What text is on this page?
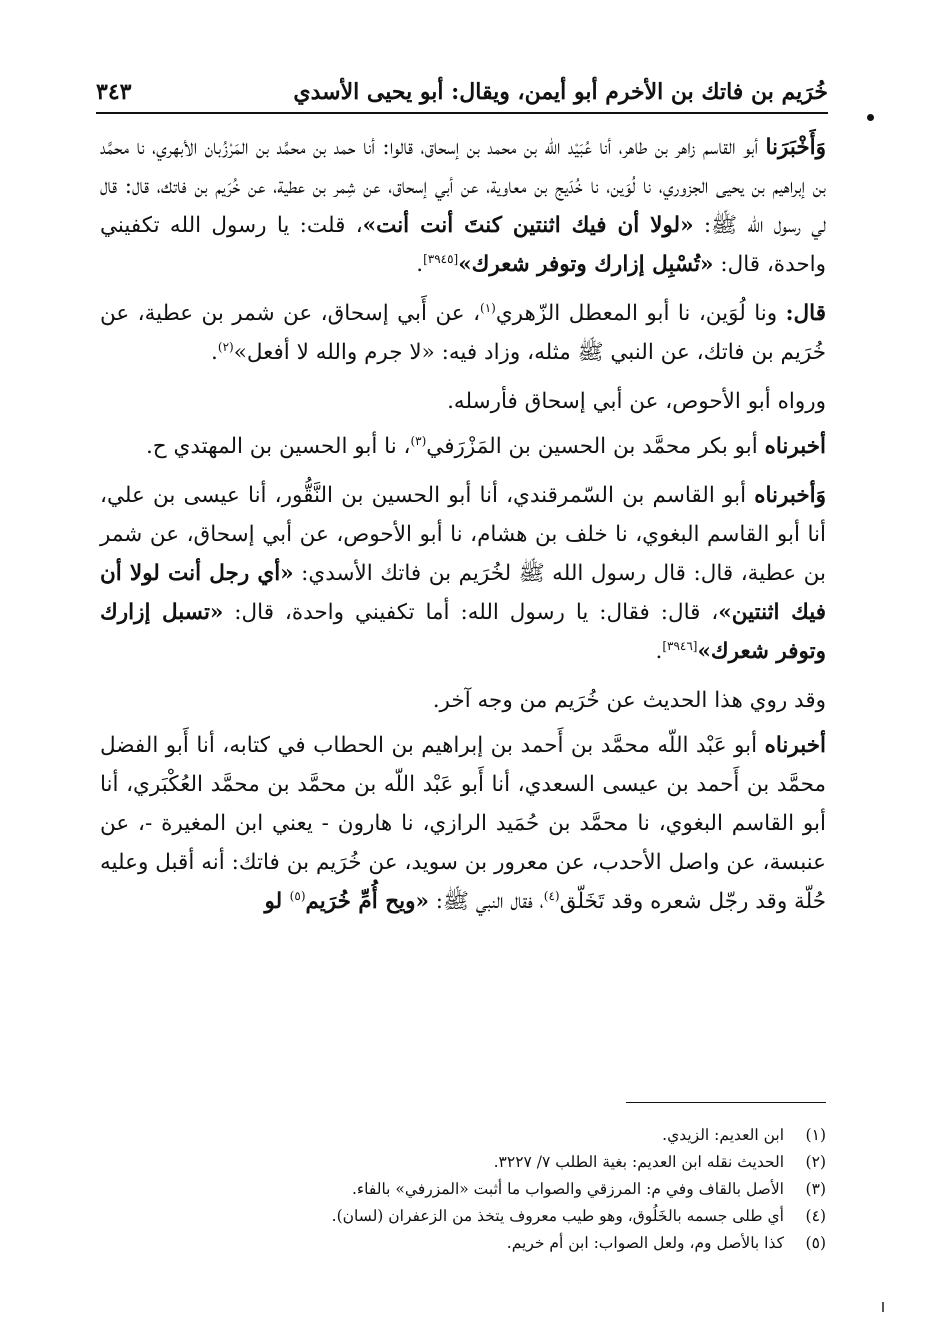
خُرَيم بن فاتك بن الأخرم أبو أيمن، ويقال: أبو يحيى الأسدي
٣٤٣

وَأَخْبَرَنا أبو القاسم زاهر بن طاهر، أنا عُبَيْد اللّه بن محمد بن إسحاق، قالوا: أنا حمد بن محمَّد بن المَرْزُبان الأبهري، نا محمَّد بن إبراهيم بن يحيى الجزوري، نا لُوَين، نا خُدَيج بن معاوية، عن أبي إسحاق، عن شِمر بن عطية، عن خُرَيم بن فاتك، قال: قال لي رسول الله ﷺ: «لولا أن فيك اثنتين كنتَ أنت أنت»، قلت: يا رسول الله تكفيني واحدة، قال: «تُسْبِل إزارك وتوفر شعرك»[٣٩٤٥].

قال: ونا لُوَين، نا أبو المعطل الزّهري$^{(١)}$، عن أَبي إسحاق، عن شمر بن عطية، عن خُرَيم بن فاتك، عن النبي ﷺ مثله، وزاد فيه: «لا جرم والله لا أفعل»$^{(٢)}$.

ورواه أبو الأحوص، عن أبي إسحاق فأرسله.

أخبرناه أبو بكر محمَّد بن الحسين بن المَزْرَفي$^{(٣)}$، نا أبو الحسين بن المهتدي ح.

وَأخبرناه أبو القاسم بن السّمرقندي، أنا أبو الحسين بن النَّقُّور، أنا عيسى بن علي، أنا أبو القاسم البغوي، نا خلف بن هشام، نا أبو الأحوص، عن أبي إسحاق، عن شمر بن عطية، قال: قال رسول الله ﷺ لخُرَيم بن فاتك الأسدي: «أي رجل أنت لولا أن فيك اثنتين»، قال: فقال: يا رسول الله: أما تكفيني واحدة، قال: «تسبل إزارك وتوفر شعرك»[٣٩٤٦].

وقد روي هذا الحديث عن خُرَيم من وجه آخر.

أخبرناه أبو عَبْد اللّه محمَّد بن أَحمد بن إبراهيم بن الحطاب في كتابه، أنا أَبو الفضل محمَّد بن أَحمد بن عيسى السعدي، أنا أَبو عَبْد اللّه بن محمَّد بن محمَّد العُكْبَري، أنا أبو القاسم البغوي، نا محمَّد بن حُمَيد الرازي، نا هارون - يعني ابن المغيرة -، عن عنبسة، عن واصل الأحدب، عن معرور بن سويد، عن خُرَيم بن فاتك: أنه أقبل وعليه حُلّة وقد رجّل شعره وقد تَخَلّق$^{(٤)}$، فقال النبي ﷺ: «ويح أُمِّ خُرَيم$^{(٥)}$ لو

(١)
ابن العديم: الزيدي.
(٢)
الحديث نقله ابن العديم: بغية الطلب ٧/ ٣٢٢٧.
(٣)
الأصل بالقاف وفي م: المرزقي والصواب ما أثبت «المزرفي» بالفاء.
(٤)
أي طلى جسمه بالخَلُوق، وهو طيب معروف يتخذ من الزعفران (لسان).
(٥)
كذا بالأصل وم، ولعل الصواب: ابن أم خريم.
